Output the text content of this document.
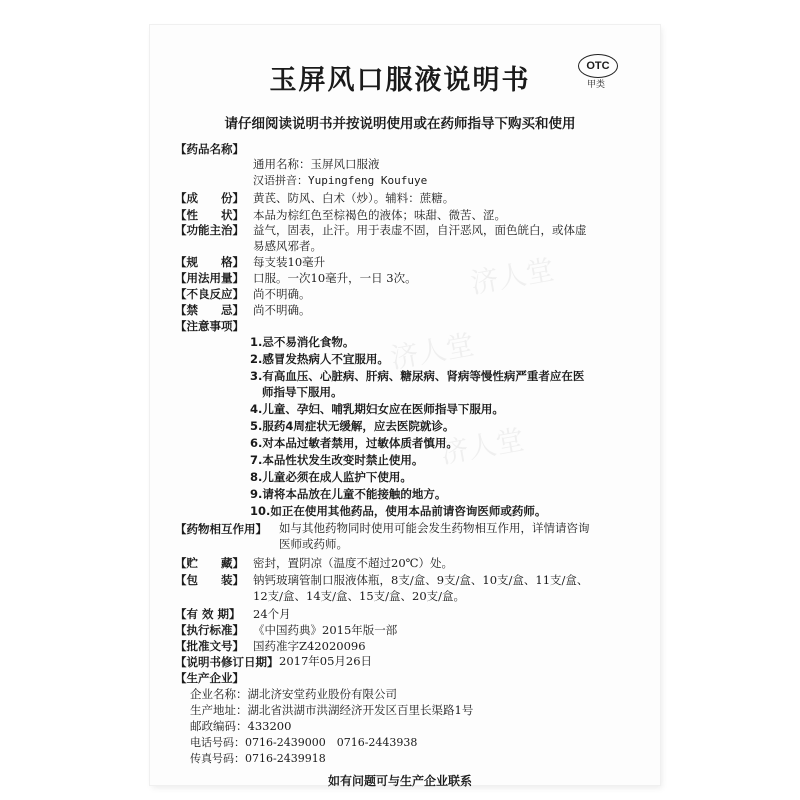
济人堂
济人堂
济人堂
玉屏风口服液说明书	OTC
甲类
请仔细阅读说明书并按说明使用或在药师指导下购买和使用
【药品名称】
通用名称：玉屏风口服液
汉语拼音：Yupingfeng Koufuye
【成　　份】 黄芪、防风、白术（炒）。辅料：蔗糖。
【性　　状】 本品为棕红色至棕褐色的液体；味甜、微苦、涩。
【功能主治】 益气，固表，止汗。用于表虚不固，自汗恶风，面色㿠白，或体虚
易感风邪者。
【规　　格】 每支装10毫升
【用法用量】 口服。一次10毫升，一日 3次。
【不良反应】 尚不明确。
【禁　　忌】 尚不明确。
【注意事项】
1.忌不易消化食物。
2.感冒发热病人不宜服用。
3.有高血压、心脏病、肝病、糖尿病、肾病等慢性病严重者应在医
师指导下服用。
4.儿童、孕妇、哺乳期妇女应在医师指导下服用。
5.服药4周症状无缓解，应去医院就诊。
6.对本品过敏者禁用，过敏体质者慎用。
7.本品性状发生改变时禁止使用。
8.儿童必须在成人监护下使用。
9.请将本品放在儿童不能接触的地方。
10.如正在使用其他药品，使用本品前请咨询医师或药师。
【药物相互作用】 如与其他药物同时使用可能会发生药物相互作用，详情请咨询
医师或药师。
【贮　　藏】 密封，置阴凉（温度不超过20℃）处。
【包　　装】 钠钙玻璃管制口服液体瓶，8支/盒、9支/盒、10支/盒、11支/盒、
12支/盒、14支/盒、15支/盒、20支/盒。
【有 效 期】 24个月
【执行标准】 《中国药典》2015年版一部
【批准文号】 国药准字Z42020096
【说明书修订日期】 2017年05月26日
【生产企业】
企业名称：湖北济安堂药业股份有限公司
生产地址：湖北省洪湖市洪湖经济开发区百里长渠路1号
邮政编码：433200
电话号码：0716-2439000　0716-2443938
传真号码：0716-2439918
如有问题可与生产企业联系
